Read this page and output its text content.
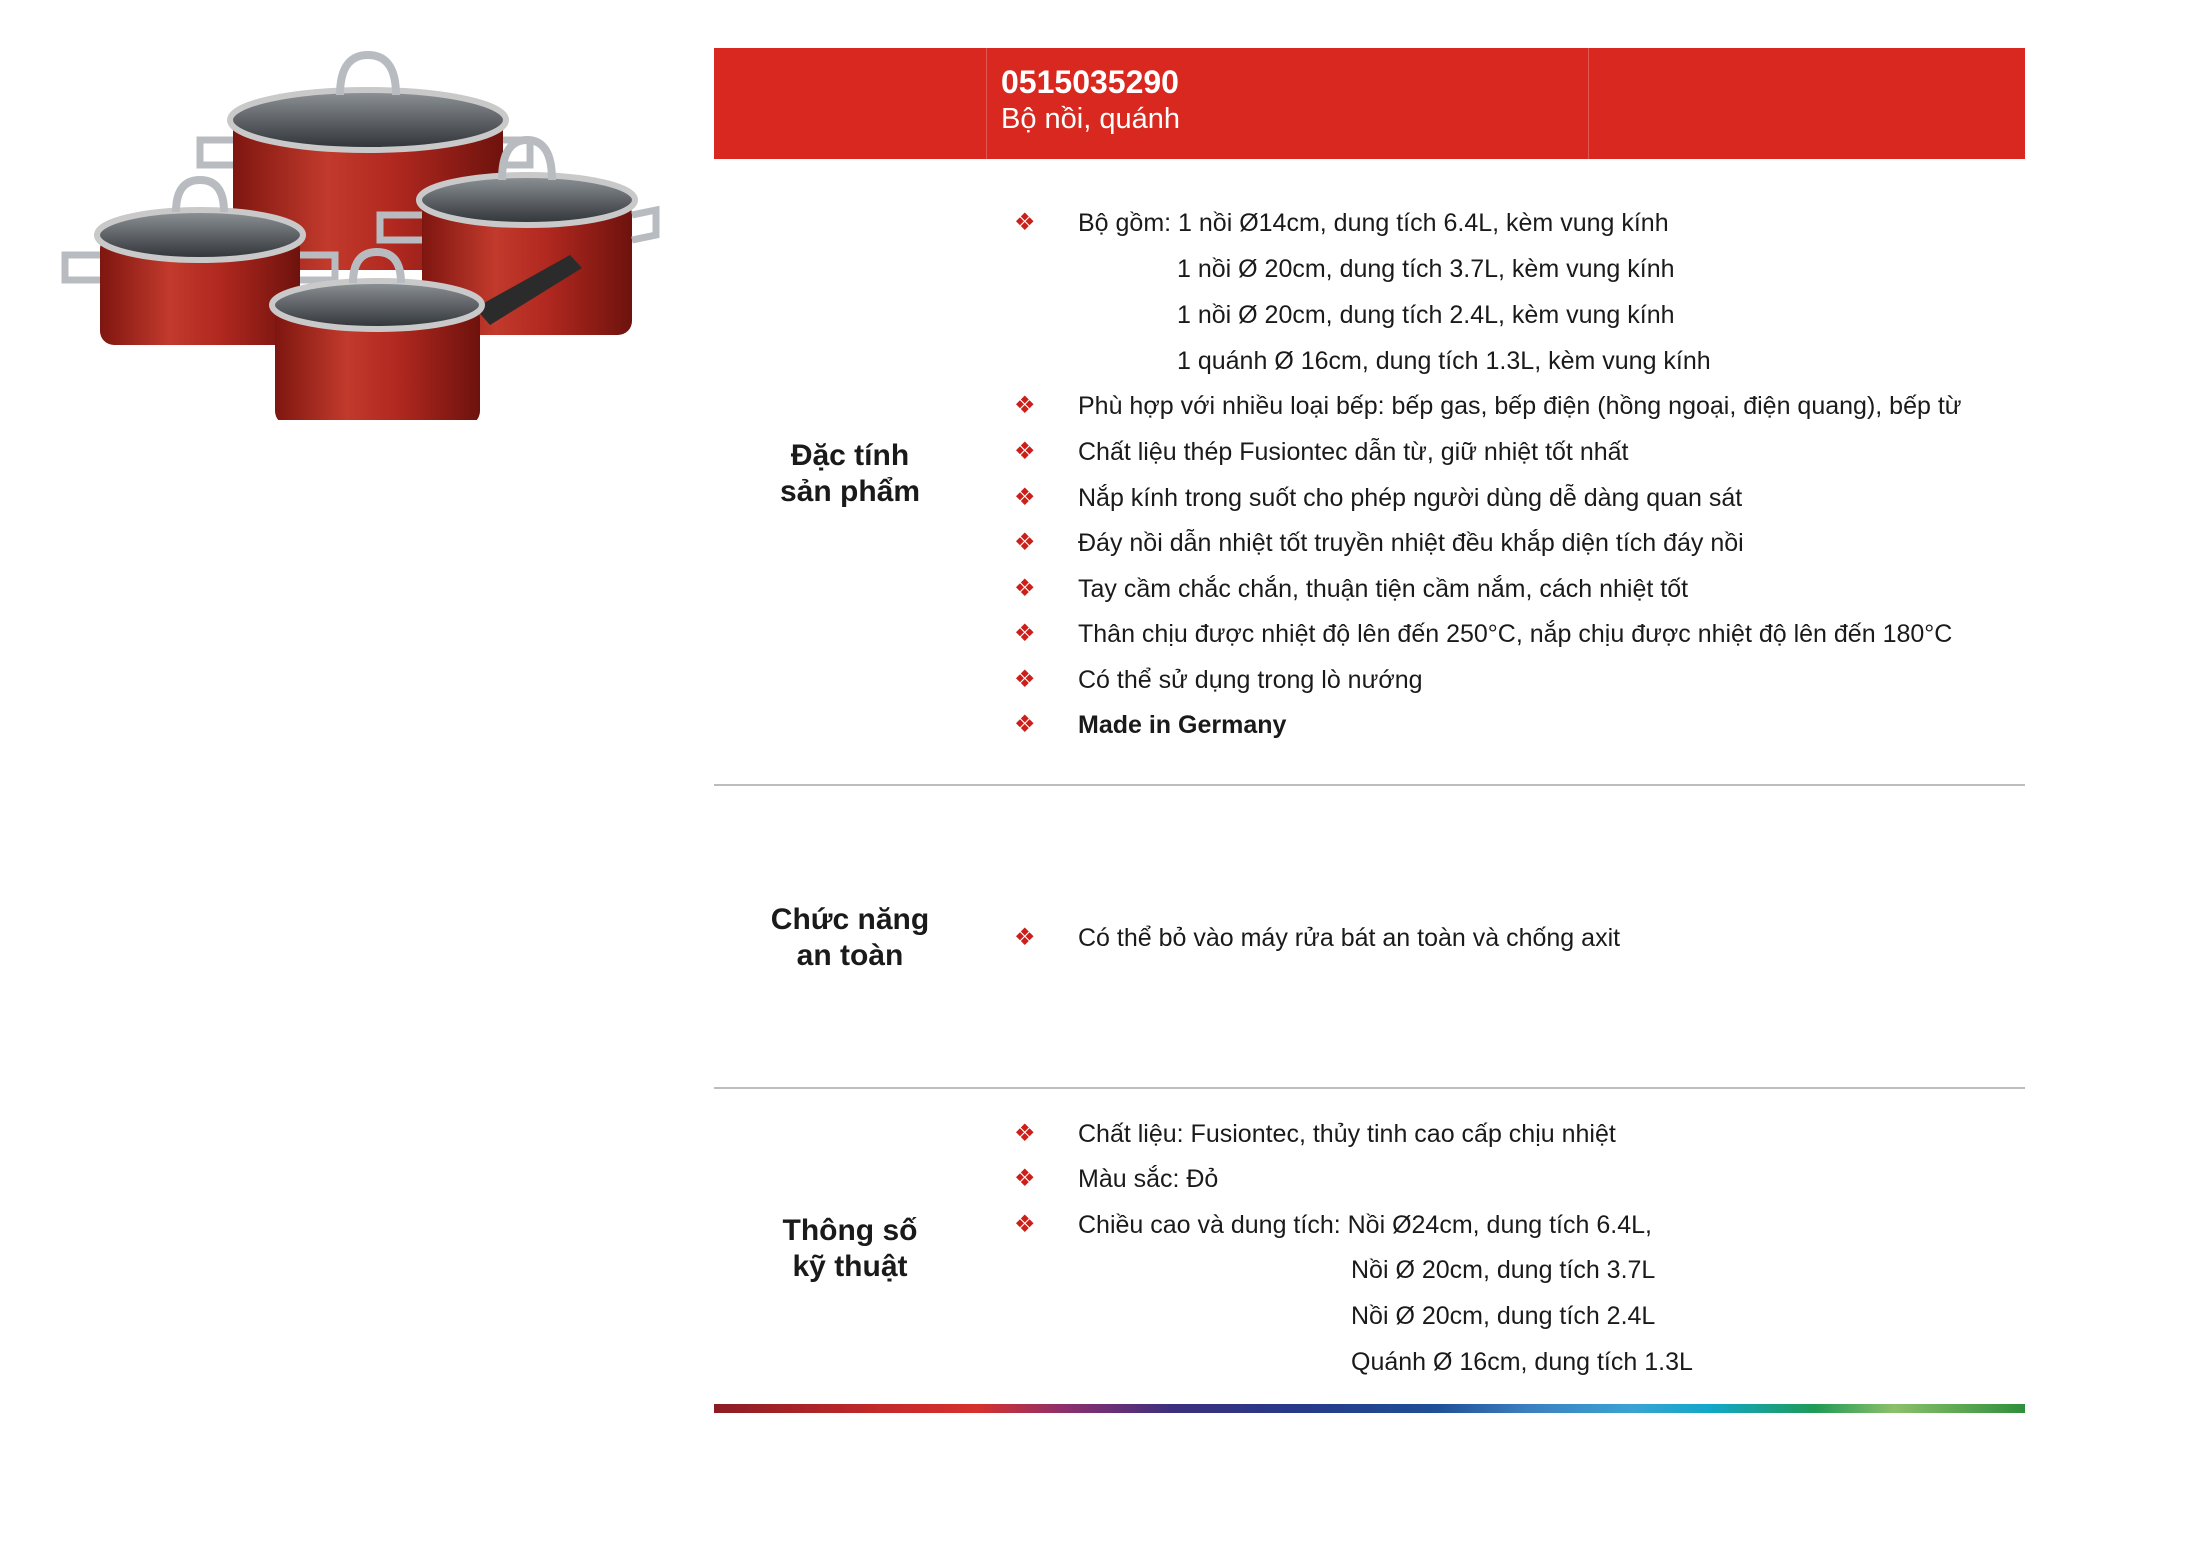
0515035290
Bộ nồi, quánh
Đặc tính
sản phẩm
❖ Bộ gồm: 1 nồi Ø14cm, dung tích 6.4L, kèm vung kính
1 nồi Ø 20cm, dung tích 3.7L, kèm vung kính
1 nồi Ø 20cm, dung tích 2.4L, kèm vung kính
1 quánh Ø 16cm, dung tích 1.3L, kèm vung kính
❖ Phù hợp với nhiều loại bếp: bếp gas, bếp điện (hồng ngoại, điện quang), bếp từ
❖ Chất liệu thép Fusiontec dẫn từ, giữ nhiệt tốt nhất
❖ Nắp kính trong suốt cho phép người dùng dễ dàng quan sát
❖ Đáy nồi dẫn nhiệt tốt truyền nhiệt đều khắp diện tích đáy nồi
❖ Tay cầm chắc chắn, thuận tiện cầm nắm, cách nhiệt tốt
❖ Thân chịu được nhiệt độ lên đến 250°C, nắp chịu được nhiệt độ lên đến 180°C
❖ Có thể sử dụng trong lò nướng
❖ Made in Germany
Chức năng
an toàn
❖ Có thể bỏ vào máy rửa bát an toàn và chống axit
Thông số
kỹ thuật
❖ Chất liệu: Fusiontec, thủy tinh cao cấp chịu nhiệt
❖ Màu sắc: Đỏ
❖ Chiều cao và dung tích: Nồi Ø24cm, dung tích 6.4L,
Nồi Ø 20cm, dung tích 3.7L
Nồi Ø 20cm, dung tích 2.4L
Quánh Ø 16cm, dung tích 1.3L
